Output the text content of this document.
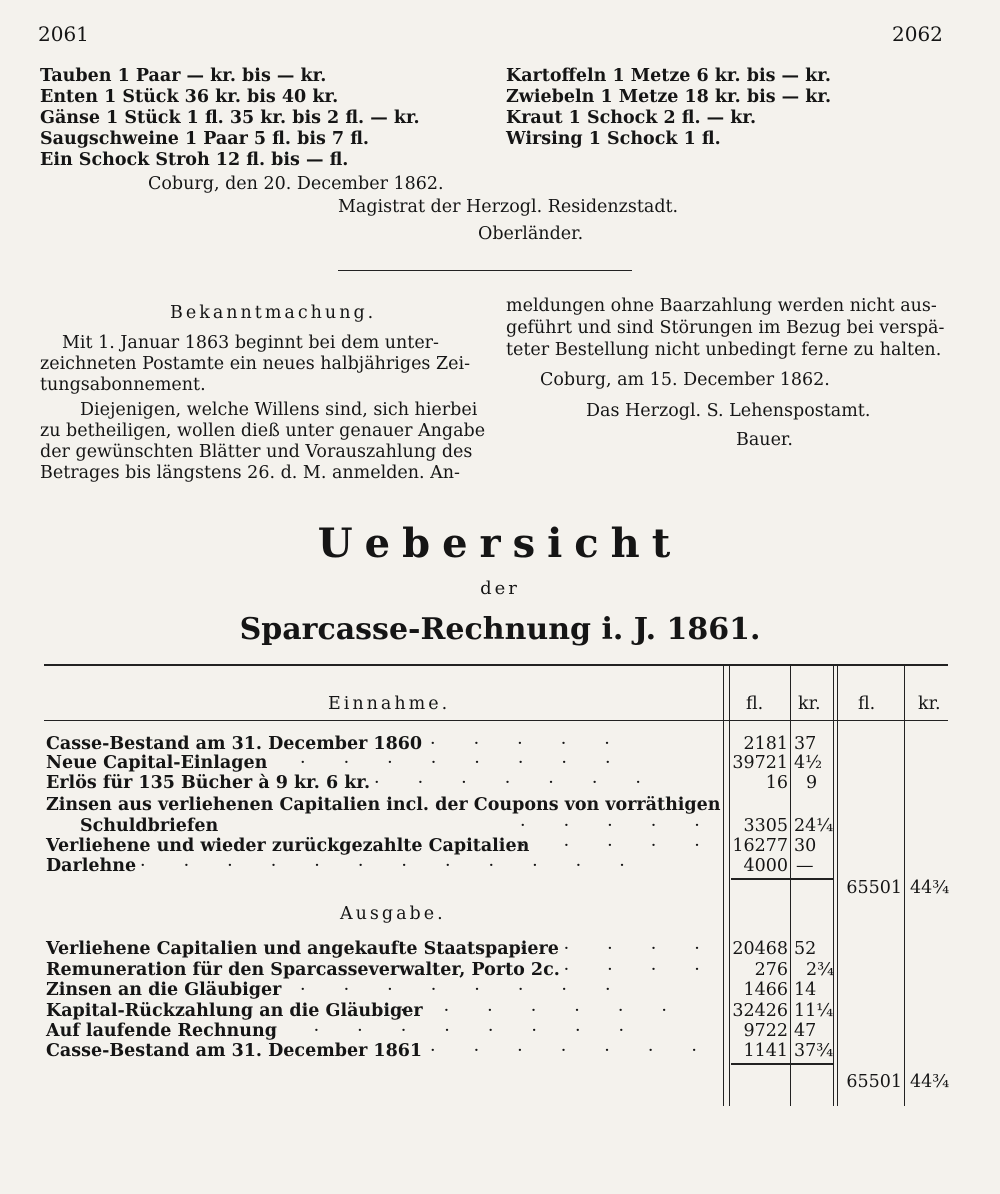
2061	2062
Tauben 1 Paar — kr. bis — kr.
Enten 1 Stück 36 kr. bis 40 kr.
Gänse 1 Stück 1 fl. 35 kr. bis 2 fl. — kr.
Saugschweine 1 Paar 5 fl. bis 7 fl.
Ein Schock Stroh 12 fl. bis — fl.
Kartoffeln 1 Metze 6 kr. bis — kr.
Zwiebeln 1 Metze 18 kr. bis — kr.
Kraut 1 Schock 2 fl. — kr.
Wirsing 1 Schock 1 fl.
Coburg, den 20. December 1862.
Magistrat der Herzogl. Residenzstadt.
Oberländer.
Bekanntmachung.
Mit 1. Januar 1863 beginnt bei dem unter-
zeichneten Postamte ein neues halbjähriges Zei-
tungsabonnement.
Diejenigen, welche Willens sind, sich hierbei
zu betheiligen, wollen dieß unter genauer Angabe
der gewünschten Blätter und Vorauszahlung des
Betrages bis längstens 26. d. M. anmelden. An-
meldungen ohne Baarzahlung werden nicht aus-
geführt und sind Störungen im Bezug bei verspä-
teter Bestellung nicht unbedingt ferne zu halten.
Coburg, am 15. December 1862.
Das Herzogl. S. Lehenspostamt.
Bauer.
Uebersicht
der
Sparcasse-Rechnung i. J. 1861.
fl. kr. fl. kr.
Einnahme.
Casse-Bestand am 31. December 1860
Neue Capital-Einlagen
Erlös für 135 Bücher à 9 kr. 6 kr.
Zinsen aus verliehenen Capitalien incl. der Coupons von vorräthigen
Schuldbriefen
Verliehene und wieder zurückgezahlte Capitalien
Darlehne
·····
········
·······
·····
·····
············
2181 37
39721 4½
16 9
3305 24¼
16277 30
4000 —
65501 44¾
Ausgabe.
Verliehene Capitalien und angekaufte Staatspapiere
Remuneration für den Sparcasseverwalter, Porto 2c.
Zinsen an die Gläubiger
Kapital-Rückzahlung an die Gläubiger
Auf laufende Rechnung
Casse-Bestand am 31. December 1861
·····
·····
········
·······
·········
·······
20468 52
276 2¾
1466 14
32426 11¼
9722 47
1141 37¾
65501 44¾
